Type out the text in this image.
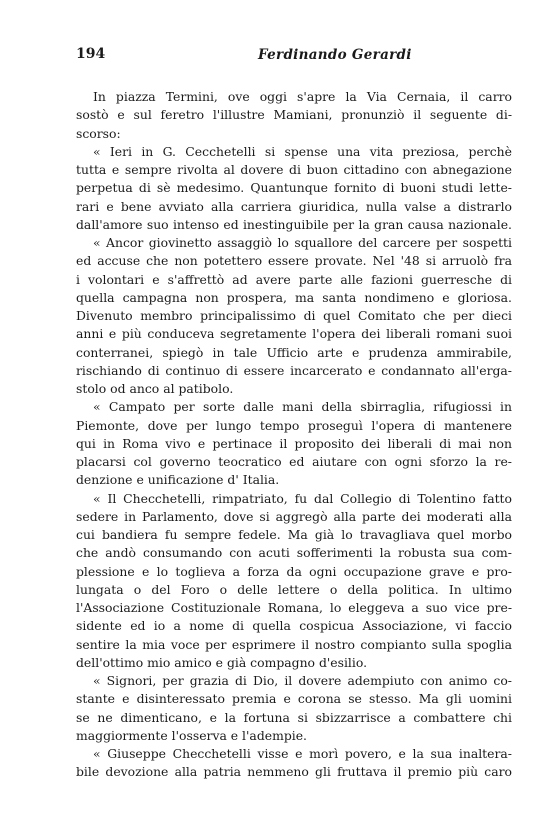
194	Ferdinando Gerardi
In piazza Termini, ove oggi s'apre la Via Cernaia, il carro
sostò e sul feretro l'illustre Mamiani, pronunziò il seguente di-
scorso:
« Ieri in G. Cecchetelli si spense una vita preziosa, perchè
tutta e sempre rivolta al dovere di buon cittadino con abnegazione
perpetua di sè medesimo. Quantunque fornito di buoni studi lette-
rari e bene avviato alla carriera giuridica, nulla valse a distrarlo
dall'amore suo intenso ed inestinguibile per la gran causa nazionale.
« Ancor giovinetto assaggiò lo squallore del carcere per sospetti
ed accuse che non potettero essere provate. Nel '48 si arruolò fra
i volontari e s'affrettò ad avere parte alle fazioni guerresche di
quella campagna non prospera, ma santa nondimeno e gloriosa.
Divenuto membro principalissimo di quel Comitato che per dieci
anni e più conduceva segretamente l'opera dei liberali romani suoi
conterranei, spiegò in tale Ufficio arte e prudenza ammirabile,
rischiando di continuo di essere incarcerato e condannato all'erga-
stolo od anco al patibolo.
« Campato per sorte dalle mani della sbirraglia, rifugiossi in
Piemonte, dove per lungo tempo proseguì l'opera di mantenere
qui in Roma vivo e pertinace il proposito dei liberali di mai non
placarsi col governo teocratico ed aiutare con ogni sforzo la re-
denzione e unificazione d' Italia.
« Il Checchetelli, rimpatriato, fu dal Collegio di Tolentino fatto
sedere in Parlamento, dove si aggregò alla parte dei moderati alla
cui bandiera fu sempre fedele. Ma già lo travagliava quel morbo
che andò consumando con acuti sofferimenti la robusta sua com-
plessione e lo toglieva a forza da ogni occupazione grave e pro-
lungata o del Foro o delle lettere o della politica. In ultimo
l'Associazione Costituzionale Romana, lo eleggeva a suo vice pre-
sidente ed io a nome di quella cospicua Associazione, vi faccio
sentire la mia voce per esprimere il nostro compianto sulla spoglia
dell'ottimo mio amico e già compagno d'esilio.
« Signori, per grazia di Dio, il dovere adempiuto con animo co-
stante e disinteressato premia e corona se stesso. Ma gli uomini
se ne dimenticano, e la fortuna si sbizzarrisce a combattere chi
maggiormente l'osserva e l'adempie.
« Giuseppe Checchetelli visse e morì povero, e la sua inaltera-
bile devozione alla patria nemmeno gli fruttava il premio più caro
